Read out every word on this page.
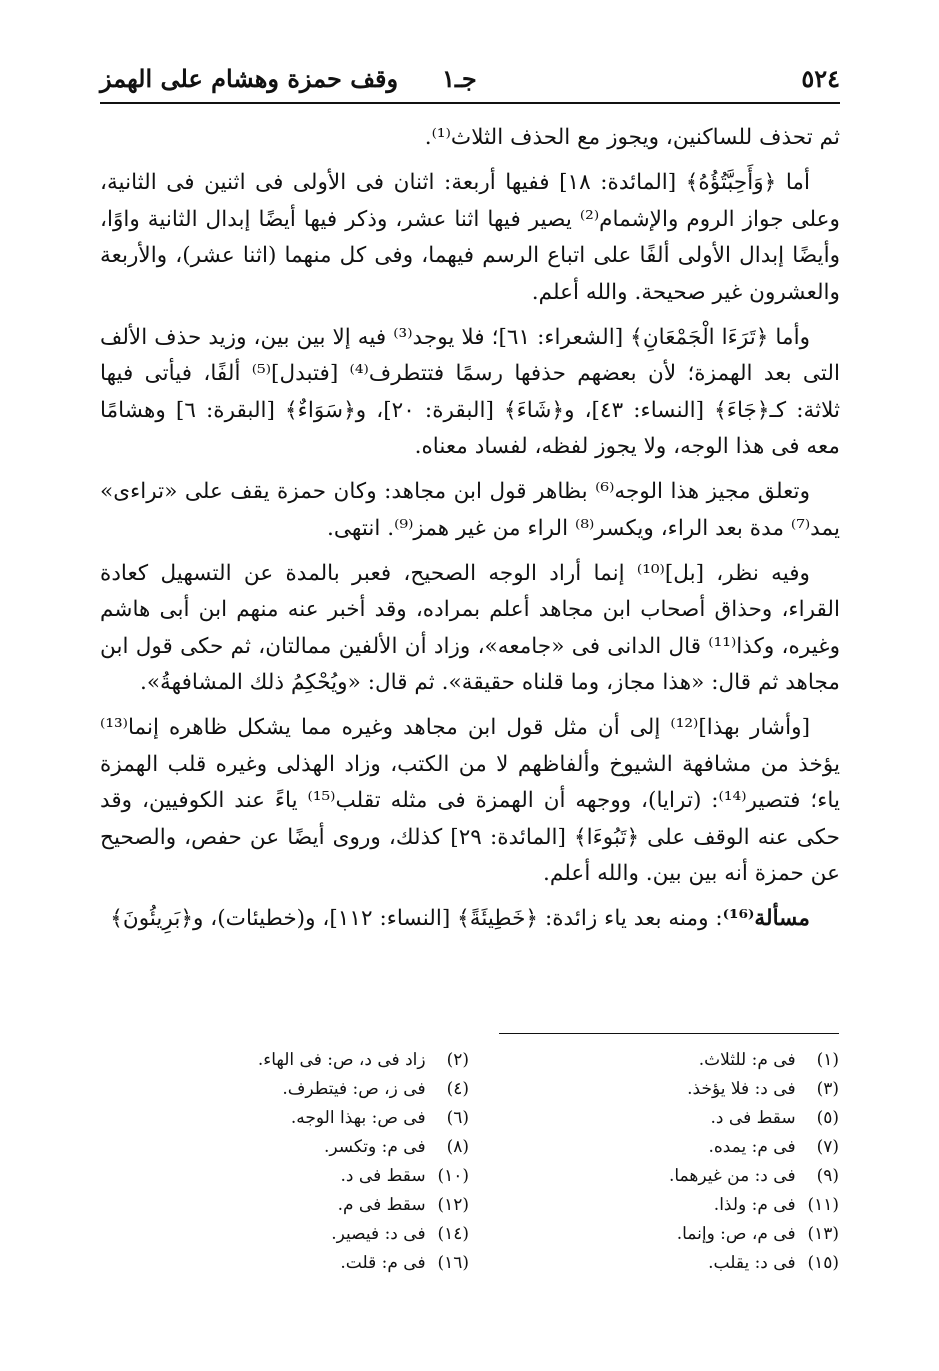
٥٢٤
جـ١
وقف حمزة وهشام على الهمز

ثم تحذف للساكنين، ويجوز مع الحذف الثلاث⁽¹⁾.

أما ﴿وَأَحِبَّتُؤُهُ﴾ [المائدة: ١٨] ففيها أربعة: اثنان فى الأولى فى اثنين فى الثانية، وعلى جواز الروم والإشمام⁽²⁾ يصير فيها اثنا عشر، وذكر فيها أيضًا إبدال الثانية واوًا، وأيضًا إبدال الأولى ألفًا على اتباع الرسم فيهما، وفى كل منهما (اثنا عشر)، والأربعة والعشرون غير صحيحة. والله أعلم.

وأما ﴿تَرَءَا الْجَمْعَانِ﴾ [الشعراء: ٦١]؛ فلا يوجد⁽³⁾ فيه إلا بين بين، وزيد حذف الألف التى بعد الهمزة؛ لأن بعضهم حذفها رسمًا فتتطرف⁽⁴⁾ [فتبدل]⁽⁵⁾ ألفًا، فيأتى فيها ثلاثة: كـ﴿جَاءَ﴾ [النساء: ٤٣]، و﴿شَاءَ﴾ [البقرة: ٢٠]، و﴿سَوَاءٌ﴾ [البقرة: ٦] وهشامًا معه فى هذا الوجه، ولا يجوز لفظه، لفساد معناه.

وتعلق مجيز هذا الوجه⁽⁶⁾ بظاهر قول ابن مجاهد: وكان حمزة يقف على «تراءى» يمد⁽⁷⁾ مدة بعد الراء، ويكسر⁽⁸⁾ الراء من غير همز⁽⁹⁾. انتهى.

وفيه نظر، [بل]⁽¹⁰⁾ إنما أراد الوجه الصحيح، فعبر بالمدة عن التسهيل كعادة القراء، وحذاق أصحاب ابن مجاهد أعلم بمراده، وقد أخبر عنه منهم ابن أبى هاشم وغيره، وكذا⁽¹¹⁾ قال الدانى فى «جامعه»، وزاد أن الألفين ممالتان، ثم حكى قول ابن مجاهد ثم قال: «هذا مجاز، وما قلناه حقيقة». ثم قال: «ويُحْكِمُ ذلك المشافهةُ».

[وأشار بهذا]⁽¹²⁾ إلى أن مثل قول ابن مجاهد وغيره مما يشكل ظاهره إنما⁽¹³⁾ يؤخذ من مشافهة الشيوخ وألفاظهم لا من الكتب، وزاد الهذلى وغيره قلب الهمزة ياء؛ فتصير⁽¹⁴⁾: (ترايا)، ووجهه أن الهمزة فى مثله تقلب⁽¹⁵⁾ ياءً عند الكوفيين، وقد حكى عنه الوقف على ﴿تَبُوءَا﴾ [المائدة: ٢٩] كذلك، وروى أيضًا عن حفص، والصحيح عن حمزة أنه بين بين. والله أعلم.

مسألة⁽¹⁶⁾: ومنه بعد ياء زائدة: ﴿خَطِيئَةً﴾ [النساء: ١١٢]، و(خطيئات)، و﴿بَرِيئُونَ﴾

(١) فى م: للثلاث.
(٣) فى د: فلا يؤخذ.
(٥) سقط فى د.
(٧) فى م: يمده.
(٩) فى د: من غيرهما.
(١١) فى م: ولذا.
(١٣) فى م، ص: وإنما.
(١٥) فى د: يقلب.
(٢) زاد فى د، ص: فى الهاء.
(٤) فى ز، ص: فيتطرف.
(٦) فى ص: بهذا الوجه.
(٨) فى م: وتكسر.
(١٠) سقط فى د.
(١٢) سقط فى م.
(١٤) فى د: فيصير.
(١٦) فى م: قلت.
